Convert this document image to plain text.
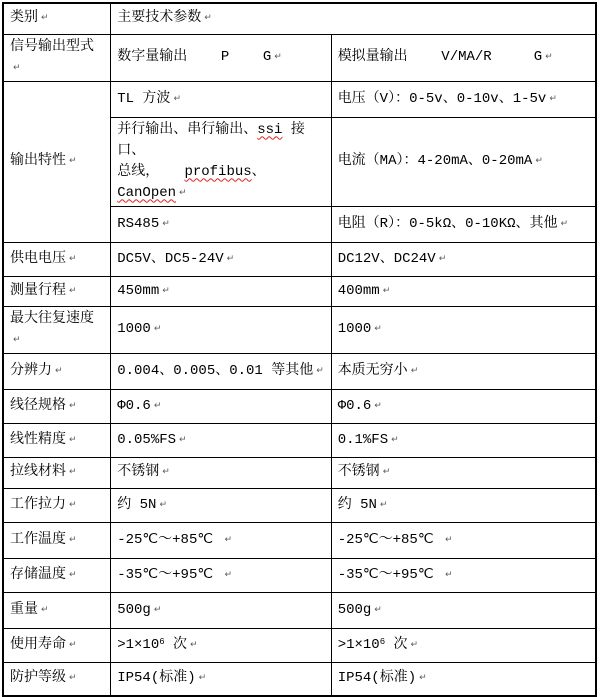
类别 ↵	主要技术参数 ↵
信号输出型式 ↵	数字量输出    P    G ↵	模拟量输出    V/MA/R     G ↵
输出特性 ↵	TL 方波 ↵	电压（V）：0-5v、0-10v、1-5v ↵
	并行输出、串行输出、ssi 接口、
总线，   profibus、CanOpen ↵	电流（MA）：4-20mA、0-20mA ↵
	RS485 ↵	电阻（R）：0-5kΩ、0-10KΩ、其他 ↵
供电电压 ↵	DC5V、DC5-24V ↵	DC12V、DC24V ↵
测量行程 ↵	450mm ↵	400mm ↵
最大往复速度 ↵	1000 ↵	1000 ↵
分辨力 ↵	0.004、0.005、0.01 等其他 ↵	本质无穷小 ↵
线径规格 ↵	Φ0.6 ↵	Φ0.6 ↵
线性精度 ↵	0.05%FS ↵	0.1%FS ↵
拉线材料 ↵	不锈钢 ↵	不锈钢 ↵
工作拉力 ↵	约 5N ↵	约 5N ↵
工作温度 ↵	-25℃～+85℃  ↵	-25℃～+85℃  ↵
存储温度 ↵	-35℃～+95℃  ↵	-35℃～+95℃  ↵
重量 ↵	500g ↵	500g ↵
使用寿命 ↵	$>1\times 10^6$ 次 ↵	$>1\times 10^6$ 次 ↵
防护等级 ↵	IP54(标准) ↵	IP54(标准) ↵
